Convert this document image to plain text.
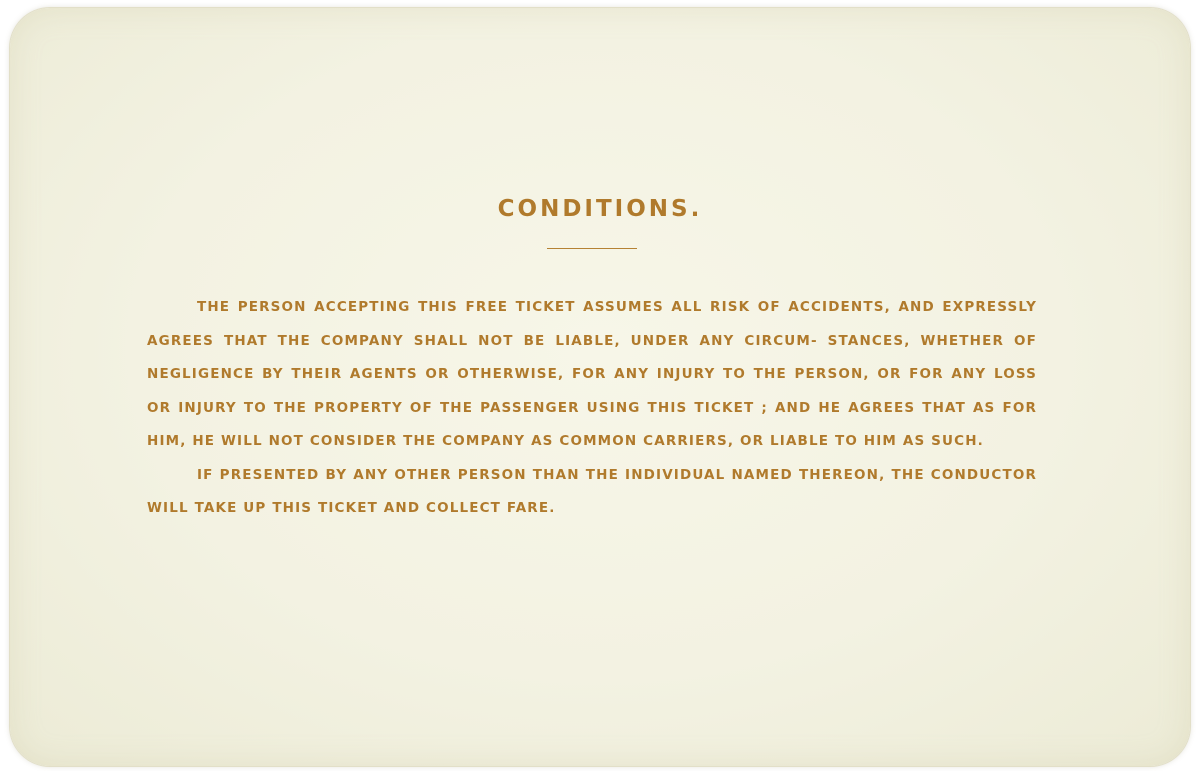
CONDITIONS.

THE PERSON ACCEPTING THIS FREE TICKET ASSUMES ALL RISK OF ACCIDENTS, AND EXPRESSLY AGREES THAT THE COMPANY SHALL NOT BE LIABLE, UNDER ANY CIRCUM- STANCES, WHETHER OF NEGLIGENCE BY THEIR AGENTS OR OTHERWISE, FOR ANY INJURY TO THE PERSON, OR FOR ANY LOSS OR INJURY TO THE PROPERTY OF THE PASSENGER USING THIS TICKET ; AND HE AGREES THAT AS FOR HIM, HE WILL NOT CONSIDER THE COMPANY AS COMMON CARRIERS, OR LIABLE TO HIM AS SUCH.

IF PRESENTED BY ANY OTHER PERSON THAN THE INDIVIDUAL NAMED THEREON, THE CONDUCTOR WILL TAKE UP THIS TICKET AND COLLECT FARE.
